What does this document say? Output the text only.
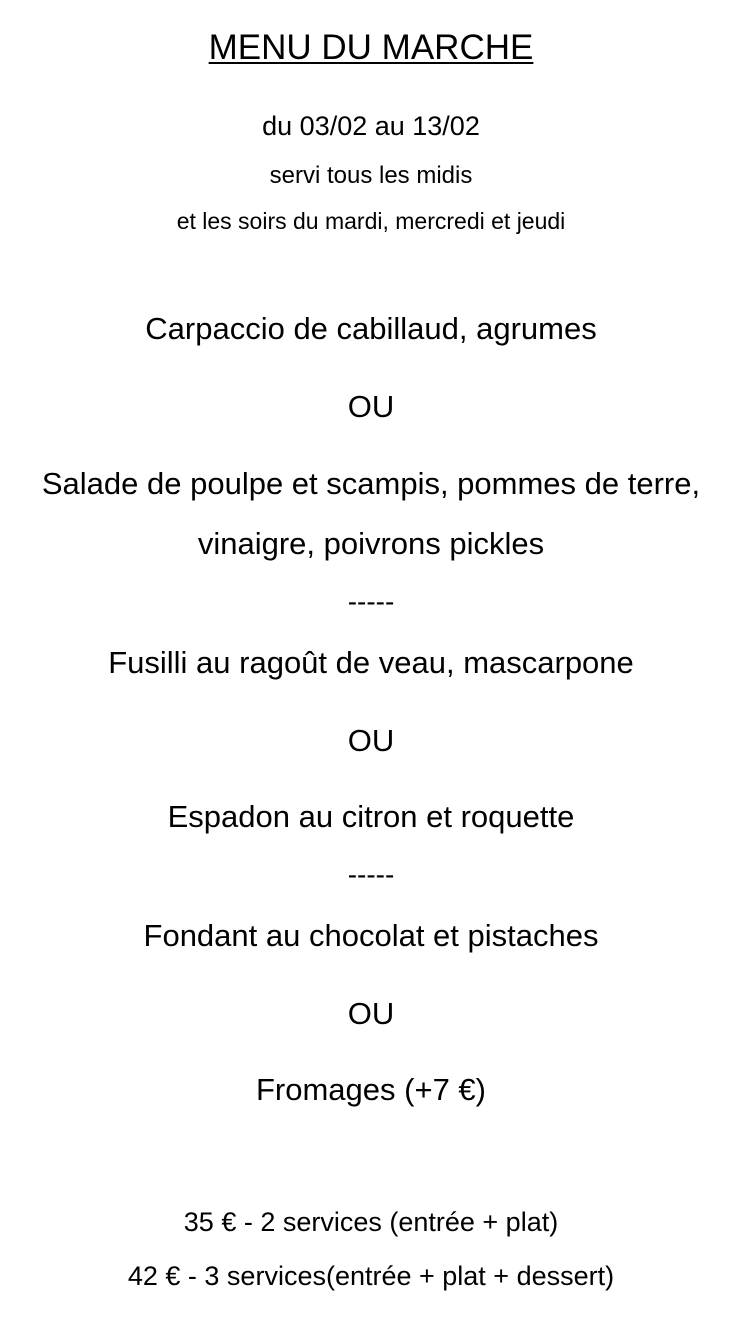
MENU DU MARCHE
du 03/02 au 13/02
servi tous les midis
et les soirs du mardi, mercredi et jeudi
Carpaccio de cabillaud, agrumes
OU
Salade de poulpe et scampis, pommes de terre,
vinaigre, poivrons pickles
-----
Fusilli au ragoût de veau, mascarpone
OU
Espadon au citron et roquette
-----
Fondant au chocolat et pistaches
OU
Fromages (+7 €)
35 € - 2 services (entrée + plat)
42 € - 3 services(entrée + plat + dessert)
